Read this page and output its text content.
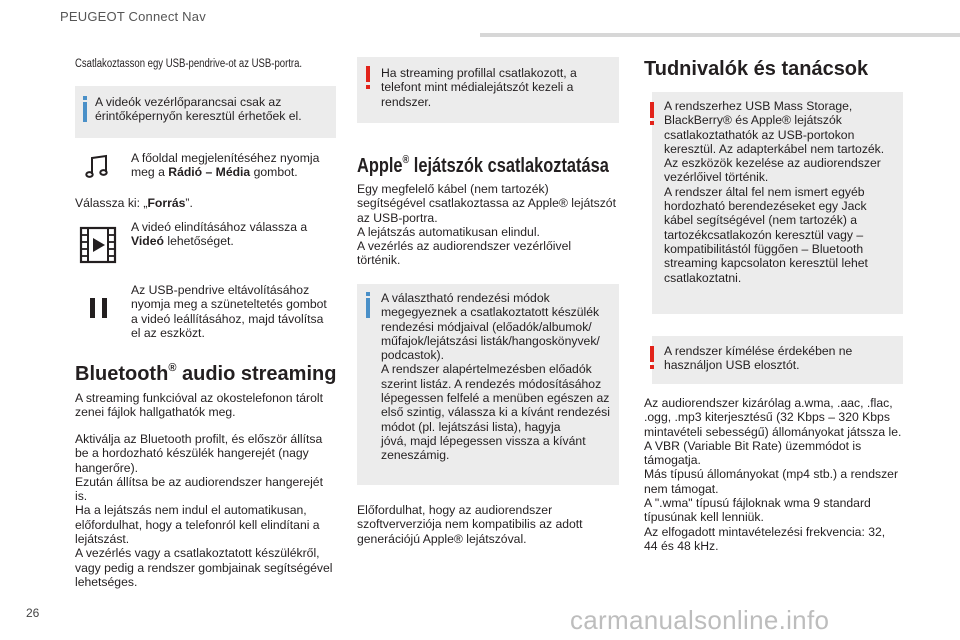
PEUGEOT Connect Nav
Csatlakoztasson egy USB-pendrive-ot az USB-portra.
A videók vezérlőparancsai csak az
érintőképernyőn keresztül érhetőek el.
A főoldal megjelenítéséhez nyomja
meg a Rádió – Média gombot.
Válassza ki: „Forrás”.
A videó elindításához válassza a
Videó lehetőséget.
Az USB-pendrive eltávolításához
nyomja meg a szüneteltetés gombot
a videó leállításához, majd távolítsa
el az eszközt.
Bluetooth® audio streaming
A streaming funkcióval az okostelefonon tárolt
zenei fájlok hallgathatók meg.
Aktiválja az Bluetooth profilt, és először állítsa
be a hordozható készülék hangerejét (nagy
hangerőre).
Ezután állítsa be az audiorendszer hangerejét
is.
Ha a lejátszás nem indul el automatikusan,
előfordulhat, hogy a telefonról kell elindítani a
lejátszást.
A vezérlés vagy a csatlakoztatott készülékről,
vagy pedig a rendszer gombjainak segítségével
lehetséges.
Ha streaming profillal csatlakozott, a
telefont mint médialejátszót kezeli a
rendszer.
Apple® lejátszók csatlakoztatása
Egy megfelelő kábel (nem tartozék)
segítségével csatlakoztassa az Apple® lejátszót
az USB-portra.
A lejátszás automatikusan elindul.
A vezérlés az audiorendszer vezérlőivel
történik.
A választható rendezési módok
megegyeznek a csatlakoztatott készülék
rendezési módjaival (előadók/albumok/
műfajok/lejátszási listák/hangoskönyvek/
podcastok).
A rendszer alapértelmezésben előadók
szerint listáz. A rendezés módosításához
lépegessen felfelé a menüben egészen az
első szintig, válassza ki a kívánt rendezési
módot (pl. lejátszási lista), hagyja
jóvá, majd lépegessen vissza a kívánt
zeneszámig.
Előfordulhat, hogy az audiorendszer
szoftververziója nem kompatibilis az adott
generációjú Apple® lejátszóval.
Tudnivalók és tanácsok
A rendszerhez USB Mass Storage,
BlackBerry® és Apple® lejátszók
csatlakoztathatók az USB-portokon
keresztül. Az adapterkábel nem tartozék.
Az eszközök kezelése az audiorendszer
vezérlőivel történik.
A rendszer által fel nem ismert egyéb
hordozható berendezéseket egy Jack
kábel segítségével (nem tartozék) a
tartozékcsatlakozón keresztül vagy –
kompatibilitástól függően – Bluetooth
streaming kapcsolaton keresztül lehet
csatlakoztatni.
A rendszer kímélése érdekében ne
használjon USB elosztót.
Az audiorendszer kizárólag a.wma, .aac, .flac,
.ogg, .mp3 kiterjesztésű (32 Kbps – 320 Kbps
mintavételi sebességű) állományokat játssza le.
A VBR (Variable Bit Rate) üzemmódot is
támogatja.
Más típusú állományokat (mp4 stb.) a rendszer
nem támogat.
A ".wma" típusú fájloknak wma 9 standard
típusúnak kell lenniük.
Az elfogadott mintavételezési frekvencia: 32,
44 és 48 kHz.
26	carmanualsonline.info
